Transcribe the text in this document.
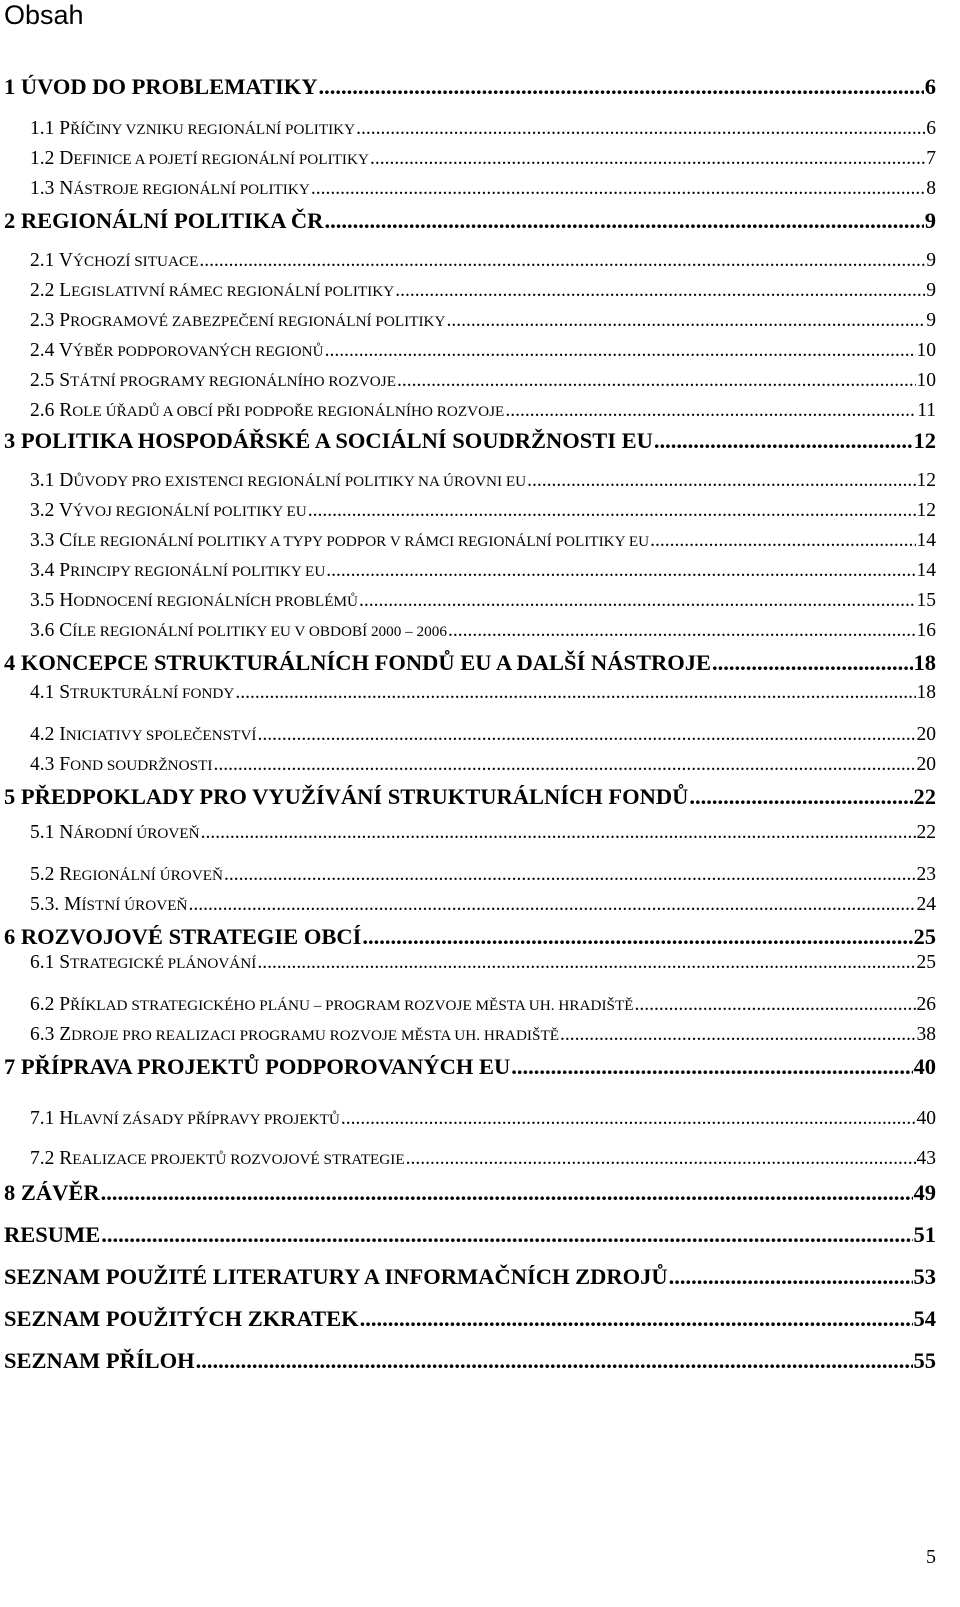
Obsah
1 ÚVOD DO PROBLEMATIKY .....	6
1.1 PŘÍČINY VZNIKU REGIONÁLNÍ POLITIKY .....	6
1.2 DEFINICE A POJETÍ REGIONÁLNÍ POLITIKY .....	7
1.3 NÁSTROJE REGIONÁLNÍ POLITIKY .....	8
2 REGIONÁLNÍ POLITIKA ČR .....	9
2.1 VÝCHOZÍ SITUACE .....	9
2.2 LEGISLATIVNÍ RÁMEC REGIONÁLNÍ POLITIKY .....	9
2.3 PROGRAMOVÉ ZABEZPEČENÍ REGIONÁLNÍ POLITIKY .....	9
2.4 VÝBĚR PODPOROVANÝCH REGIONŮ .....	10
2.5 STÁTNÍ PROGRAMY REGIONÁLNÍHO ROZVOJE .....	10
2.6 ROLE ÚŘADŮ A OBCÍ PŘI PODPOŘE REGIONÁLNÍHO ROZVOJE .....	11
3 POLITIKA HOSPODÁŘSKÉ A SOCIÁLNÍ SOUDRŽNOSTI EU .....	12
3.1 DŮVODY PRO EXISTENCI REGIONÁLNÍ POLITIKY NA ÚROVNI EU .....	12
3.2 VÝVOJ REGIONÁLNÍ POLITIKY EU .....	12
3.3 CÍLE REGIONÁLNÍ POLITIKY A TYPY PODPOR V RÁMCI REGIONÁLNÍ POLITIKY EU .....	14
3.4 PRINCIPY REGIONÁLNÍ POLITIKY EU .....	14
3.5 HODNOCENÍ REGIONÁLNÍCH PROBLÉMŮ .....	15
3.6 CÍLE REGIONÁLNÍ POLITIKY EU V OBDOBÍ 2000 – 2006 .....	16
4 KONCEPCE STRUKTURÁLNÍCH FONDŮ EU A DALŠÍ NÁSTROJE .....	18
4.1 STRUKTURÁLNÍ FONDY .....	18
4.2 INICIATIVY SPOLEČENSTVÍ .....	20
4.3 FOND SOUDRŽNOSTI .....	20
5 PŘEDPOKLADY PRO VYUŽÍVÁNÍ STRUKTURÁLNÍCH FONDŮ .....	22
5.1 NÁRODNÍ ÚROVEŇ .....	22
5.2 REGIONÁLNÍ ÚROVEŇ .....	23
5.3. MÍSTNÍ ÚROVEŇ .....	24
6 ROZVOJOVÉ STRATEGIE OBCÍ .....	25
6.1 STRATEGICKÉ PLÁNOVÁNÍ .....	25
6.2 PŘÍKLAD STRATEGICKÉHO PLÁNU – PROGRAM ROZVOJE MĚSTA UH. HRADIŠTĚ .....	26
6.3 ZDROJE PRO REALIZACI PROGRAMU ROZVOJE MĚSTA UH. HRADIŠTĚ .....	38
7 PŘÍPRAVA PROJEKTŮ PODPOROVANÝCH EU .....	40
7.1 HLAVNÍ ZÁSADY PŘÍPRAVY PROJEKTŮ .....	40
7.2 REALIZACE PROJEKTŮ ROZVOJOVÉ STRATEGIE .....	43
8 ZÁVĚR .....	49
RESUME .....	51
SEZNAM POUŽITÉ LITERATURY A INFORMAČNÍCH ZDROJŮ .....	53
SEZNAM POUŽITÝCH ZKRATEK .....	54
SEZNAM PŘÍLOH .....	55
5
